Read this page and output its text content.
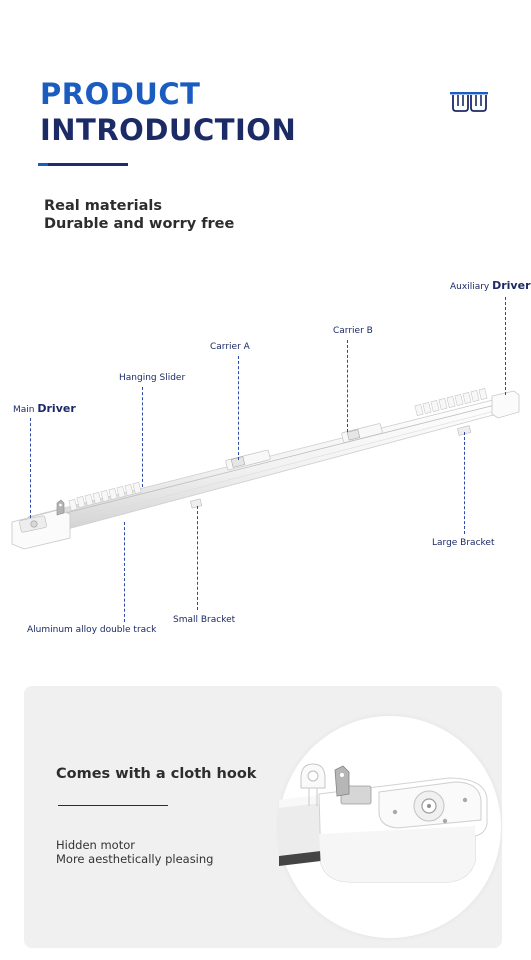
PRODUCT
INTRODUCTION
Real materials
Durable and worry free
Auxiliary Driver
Carrier B
Carrier A
Hanging Slider
Main Driver
Large Bracket
Small Bracket
Aluminum alloy double track
Comes with a cloth hook
Hidden motor
More aesthetically pleasing
